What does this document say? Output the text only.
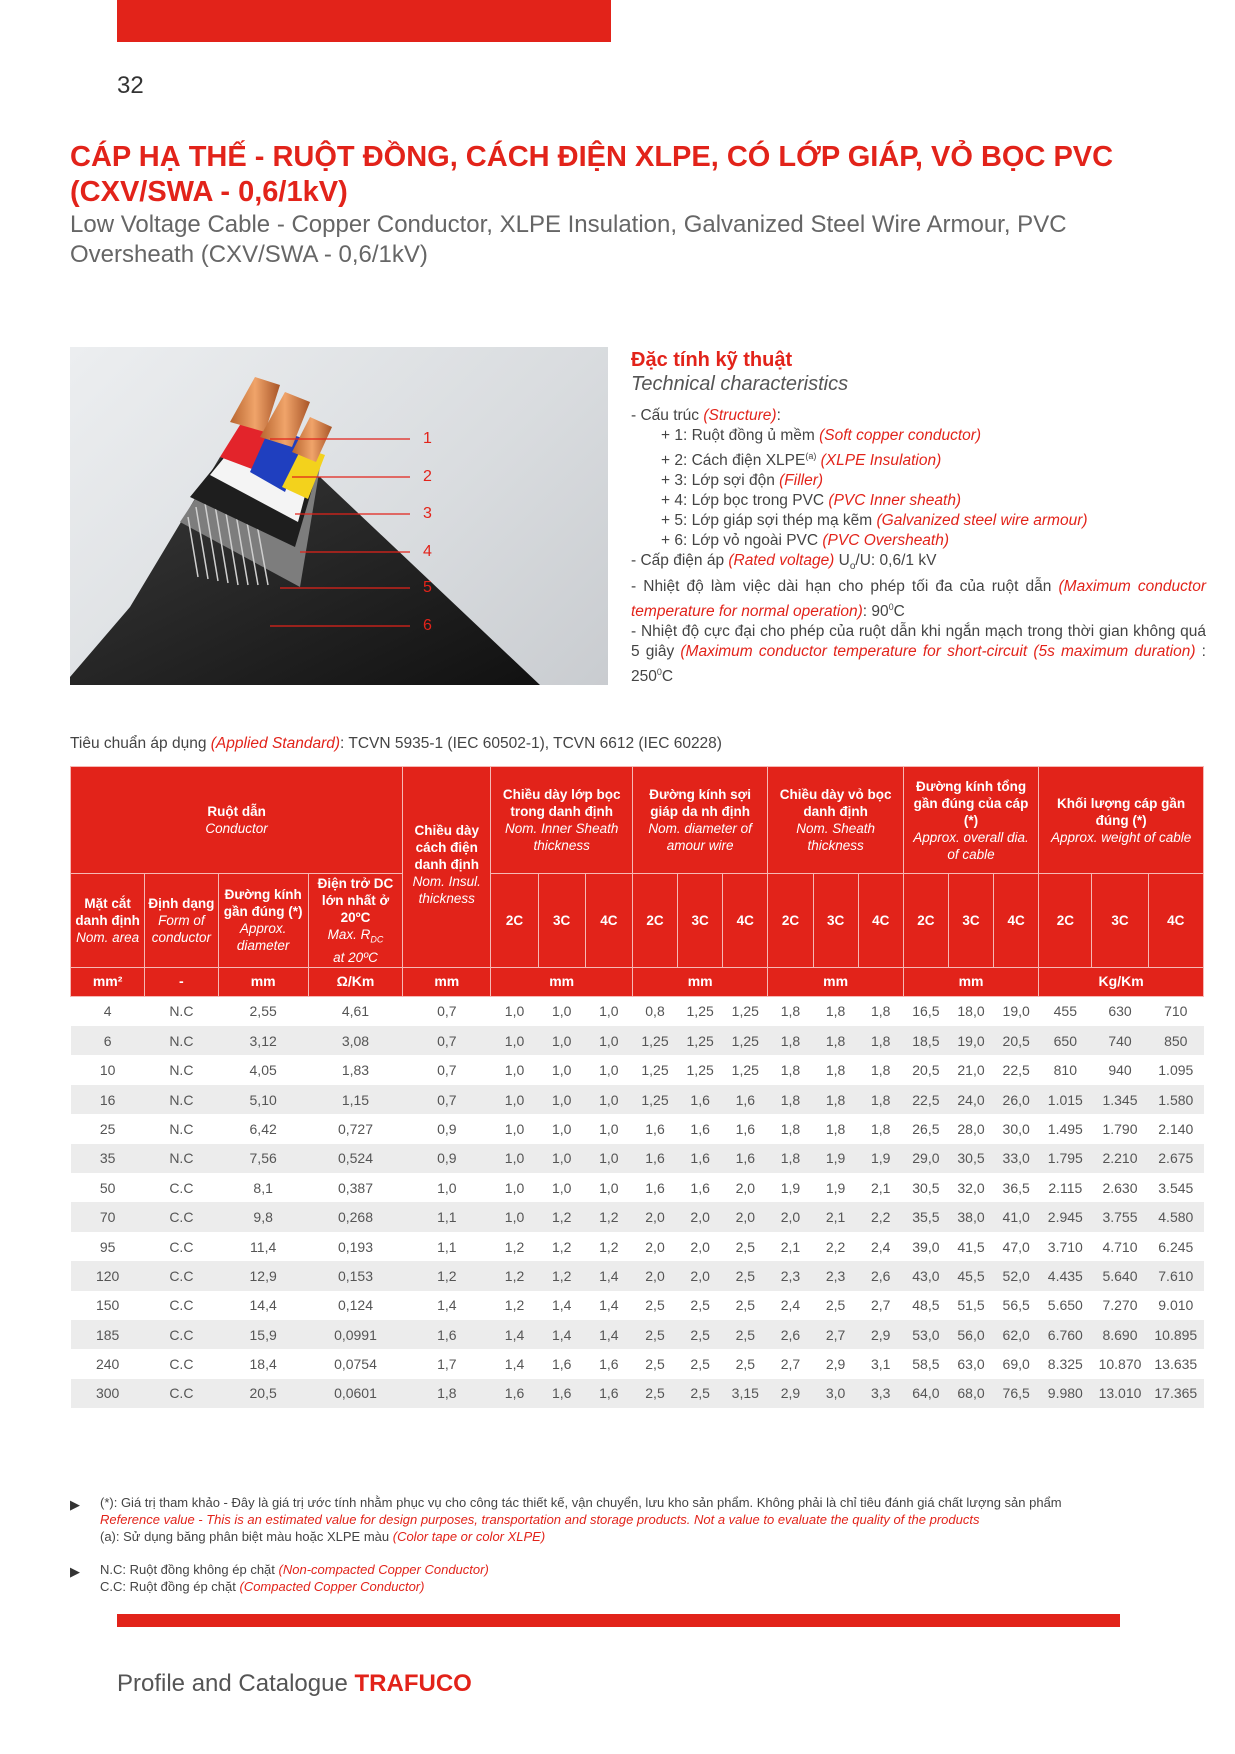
32
CÁP HẠ THẾ - RUỘT ĐỒNG, CÁCH ĐIỆN XLPE, CÓ LỚP GIÁP, VỎ BỌC PVC (CXV/SWA - 0,6/1kV)
Low Voltage Cable - Copper Conductor, XLPE Insulation, Galvanized Steel Wire Armour, PVC Oversheath (CXV/SWA - 0,6/1kV)
1
2
3
4
5
6
Đặc tính kỹ thuật
Technical characteristics
- Cấu trúc (Structure):
+ 1: Ruột đồng ủ mềm (Soft copper conductor)
+ 2: Cách điện XLPE$^{(a)}$ (XLPE Insulation)
+ 3: Lớp sợi độn (Filler)
+ 4: Lớp bọc trong PVC (PVC Inner sheath)
+ 5: Lớp giáp sợi thép mạ kẽm (Galvanized steel wire armour)
+ 6: Lớp vỏ ngoài PVC (PVC Oversheath)
- Cấp điện áp (Rated voltage) $U_o/U$: 0,6/1 kV
- Nhiệt độ làm việc dài hạn cho phép tối đa của ruột dẫn (Maximum conductor temperature for normal operation): $90^0C$
- Nhiệt độ cực đại cho phép của ruột dẫn khi ngắn mạch trong thời gian không quá 5 giây (Maximum conductor temperature for short-circuit (5s maximum duration) : $250^0C$
Tiêu chuẩn áp dụng (Applied Standard): TCVN 5935-1 (IEC 60502-1), TCVN 6612 (IEC 60228)
Ruột dẫn
Conductor				Chiều dày cách điện danh định
Nom. Insul. thickness	Chiều dày lớp bọc trong danh định
Nom. Inner Sheath thickness			Đường kính sợi giáp da nh định
Nom. diameter of amour wire			Chiều dày vỏ bọc danh định
Nom. Sheath thickness			Đường kính tổng gần đúng của cáp (*)
Approx. overall dia. of cable			Khối lượng cáp gần đúng (*)
Approx. weight of cable		

Mặt cắt danh định
Nom. area	Định dạng
Form of conductor	Đường kính gần đúng (*)
Approx. diameter	Điện trở DC lớn nhất ở 20ºC
Max. $R_{DC}$
at 20ºC		2C	3C	4C	2C	3C	4C	2C	3C	4C	2C	3C	4C	2C	3C	4C
mm²	-	mm	Ω/Km	mm	mm			mm			mm			mm			Kg/Km		
4	N.C	2,55	4,61	0,7	1,0	1,0	1,0	0,8	1,25	1,25	1,8	1,8	1,8	16,5	18,0	19,0	455	630	710
6	N.C	3,12	3,08	0,7	1,0	1,0	1,0	1,25	1,25	1,25	1,8	1,8	1,8	18,5	19,0	20,5	650	740	850
10	N.C	4,05	1,83	0,7	1,0	1,0	1,0	1,25	1,25	1,25	1,8	1,8	1,8	20,5	21,0	22,5	810	940	1.095
16	N.C	5,10	1,15	0,7	1,0	1,0	1,0	1,25	1,6	1,6	1,8	1,8	1,8	22,5	24,0	26,0	1.015	1.345	1.580
25	N.C	6,42	0,727	0,9	1,0	1,0	1,0	1,6	1,6	1,6	1,8	1,8	1,8	26,5	28,0	30,0	1.495	1.790	2.140
35	N.C	7,56	0,524	0,9	1,0	1,0	1,0	1,6	1,6	1,6	1,8	1,9	1,9	29,0	30,5	33,0	1.795	2.210	2.675
50	C.C	8,1	0,387	1,0	1,0	1,0	1,0	1,6	1,6	2,0	1,9	1,9	2,1	30,5	32,0	36,5	2.115	2.630	3.545
70	C.C	9,8	0,268	1,1	1,0	1,2	1,2	2,0	2,0	2,0	2,0	2,1	2,2	35,5	38,0	41,0	2.945	3.755	4.580
95	C.C	11,4	0,193	1,1	1,2	1,2	1,2	2,0	2,0	2,5	2,1	2,2	2,4	39,0	41,5	47,0	3.710	4.710	6.245
120	C.C	12,9	0,153	1,2	1,2	1,2	1,4	2,0	2,0	2,5	2,3	2,3	2,6	43,0	45,5	52,0	4.435	5.640	7.610
150	C.C	14,4	0,124	1,4	1,2	1,4	1,4	2,5	2,5	2,5	2,4	2,5	2,7	48,5	51,5	56,5	5.650	7.270	9.010
185	C.C	15,9	0,0991	1,6	1,4	1,4	1,4	2,5	2,5	2,5	2,6	2,7	2,9	53,0	56,0	62,0	6.760	8.690	10.895
240	C.C	18,4	0,0754	1,7	1,4	1,6	1,6	2,5	2,5	2,5	2,7	2,9	3,1	58,5	63,0	69,0	8.325	10.870	13.635
300	C.C	20,5	0,0601	1,8	1,6	1,6	1,6	2,5	2,5	3,15	2,9	3,0	3,3	64,0	68,0	76,5	9.980	13.010	17.365
▶ (*): Giá trị tham khảo - Đây là giá trị ước tính nhằm phục vụ cho công tác thiết kế, vận chuyển, lưu kho sản phẩm. Không phải là chỉ tiêu đánh giá chất lượng sản phẩm
Reference value - This is an estimated value for design purposes, transportation and storage products. Not a value to evaluate the quality of the products
(a): Sử dụng băng phân biệt màu hoặc XLPE màu (Color tape or color XLPE)
▶ N.C: Ruột đồng không ép chặt (Non-compacted Copper Conductor)
C.C: Ruột đồng ép chặt (Compacted Copper Conductor)
Profile and Catalogue TRAFUCO
